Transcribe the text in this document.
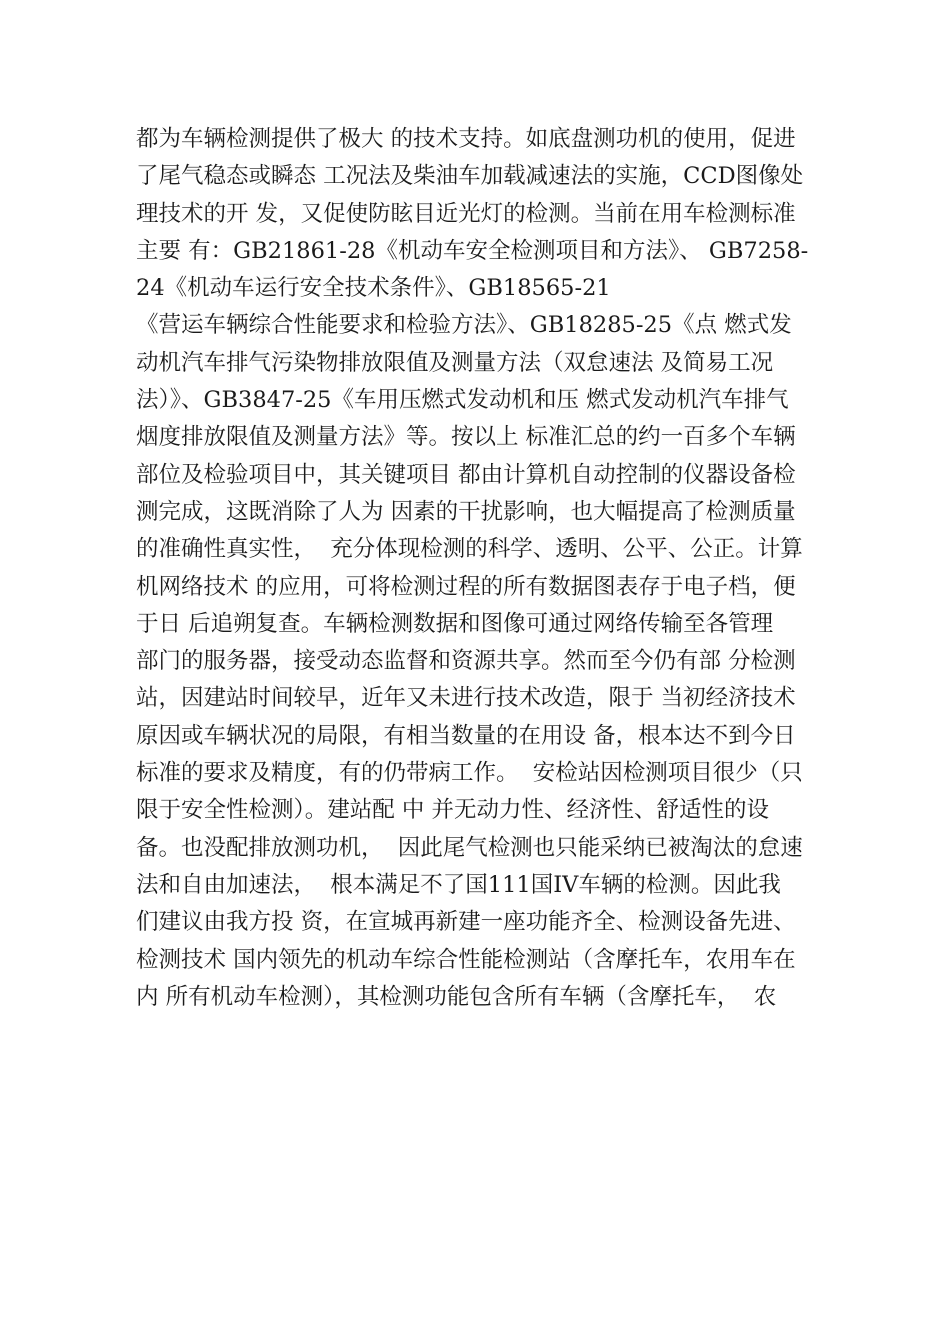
都为车辆检测提供了极大 的技术支持。如底盘测功机的使用，促进
了尾气稳态或瞬态 工况法及柴油车加载减速法的实施，CCD图像处
理技术的开 发，又促使防眩目近光灯的检测。当前在用车检测标准
主要 有：GB21861-28《机动车安全检测项目和方法》、 GB7258-
24《机动车运行安全技术条件》、GB18565-21
《营运车辆综合性能要求和检验方法》、GB18285-25《点 燃式发
动机汽车排气污染物排放限值及测量方法（双怠速法 及简易工况
法）》、GB3847-25《车用压燃式发动机和压 燃式发动机汽车排气
烟度排放限值及测量方法》等。按以上 标准汇总的约一百多个车辆
部位及检验项目中，其关键项目 都由计算机自动控制的仪器设备检
测完成，这既消除了人为 因素的干扰影响，也大幅提高了检测质量
的准确性真实性，  充分体现检测的科学、透明、公平、公正。计算
机网络技术 的应用，可将检测过程的所有数据图表存于电子档，便
于日 后追朔复查。车辆检测数据和图像可通过网络传输至各管理
部门的服务器，接受动态监督和资源共享。然而至今仍有部 分检测
站，因建站时间较早，近年又未进行技术改造，限于 当初经济技术
原因或车辆状况的局限，有相当数量的在用设 备，根本达不到今日
标准的要求及精度，有的仍带病工作。  安检站因检测项目很少（只
限于安全性检测）。建站配 中 并无动力性、经济性、舒适性的设
备。也没配排放测功机，  因此尾气检测也只能采纳已被淘汰的怠速
法和自由加速法，  根本满足不了国111国IV车辆的检测。因此我
们建议由我方投 资，在宣城再新建一座功能齐全、检测设备先进、
检测技术 国内领先的机动车综合性能检测站（含摩托车，农用车在
内 所有机动车检测），其检测功能包含所有车辆（含摩托车，  农
